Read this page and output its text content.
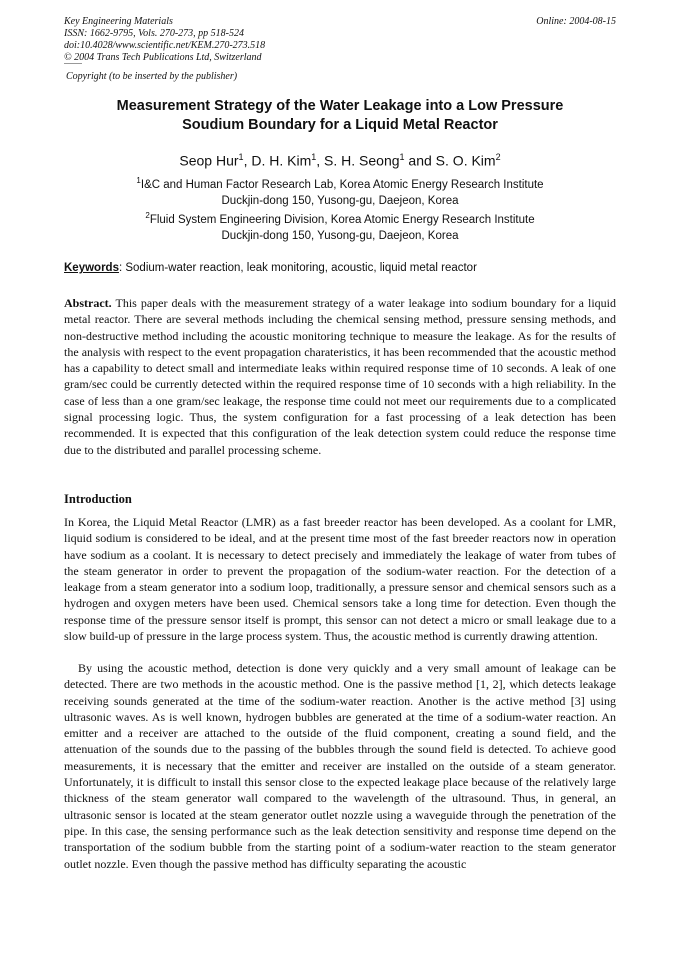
Key Engineering Materials
ISSN: 1662-9795, Vols. 270-273, pp 518-524
doi:10.4028/www.scientific.net/KEM.270-273.518
© 2004 Trans Tech Publications Ltd, Switzerland
Online: 2004-08-15
Copyright (to be inserted by the publisher)
Measurement Strategy of the Water Leakage into a Low Pressure
Soudium Boundary for a Liquid Metal Reactor
Seop Hur$^1$, D. H. Kim$^1$, S. H. Seong$^1$ and S. O. Kim$^2$
$^1$I&C and Human Factor Research Lab, Korea Atomic Energy Research Institute
Duckjin-dong 150, Yusong-gu, Daejeon, Korea
$^2$Fluid System Engineering Division, Korea Atomic Energy Research Institute
Duckjin-dong 150, Yusong-gu, Daejeon, Korea
Keywords: Sodium-water reaction, leak monitoring, acoustic, liquid metal reactor
Abstract. This paper deals with the measurement strategy of a water leakage into sodium boundary for a liquid metal reactor. There are several methods including the chemical sensing method, pressure sensing methods, and non-destructive method including the acoustic monitoring technique to measure the leakage. As for the results of the analysis with respect to the event propagation charateristics, it has been recommended that the acoustic method has a capability to detect small and intermediate leaks within required response time of 10 seconds. A leak of one gram/sec could be currently detected within the required response time of 10 seconds with a high reliability. In the case of less than a one gram/sec leakage, the response time could not meet our requirements due to a complicated signal processing logic. Thus, the system configuration for a fast processing of a leak detection has been recommended. It is expected that this configuration of the leak detection system could reduce the response time due to the distributed and parallel processing scheme.
Introduction
In Korea, the Liquid Metal Reactor (LMR) as a fast breeder reactor has been developed. As a coolant for LMR, liquid sodium is considered to be ideal, and at the present time most of the fast breeder reactors now in operation have sodium as a coolant. It is necessary to detect precisely and immediately the leakage of water from tubes of the steam generator in order to prevent the propagation of the sodium-water reaction. For the detection of a leakage from a steam generator into a sodium loop, traditionally, a pressure sensor and chemical sensors such as a hydrogen and oxygen meters have been used. Chemical sensors take a long time for detection. Even though the response time of the pressure sensor itself is prompt, this sensor can not detect a micro or small leakage due to a slow build-up of pressure in the large process system. Thus, the acoustic method is currently drawing attention.
By using the acoustic method, detection is done very quickly and a very small amount of leakage can be detected. There are two methods in the acoustic method. One is the passive method [1, 2], which detects leakage receiving sounds generated at the time of the sodium-water reaction. Another is the active method [3] using ultrasonic waves. As is well known, hydrogen bubbles are generated at the time of a sodium-water reaction. An emitter and a receiver are attached to the outside of the fluid component, creating a sound field, and the attenuation of the sounds due to the passing of the bubbles through the sound field is detected. To achieve good measurements, it is necessary that the emitter and receiver are installed on the outside of a steam generator. Unfortunately, it is difficult to install this sensor close to the expected leakage place because of the relatively large thickness of the steam generator wall compared to the wavelength of the ultrasound. Thus, in general, an ultrasonic sensor is located at the steam generator outlet nozzle using a waveguide through the penetration of the pipe. In this case, the sensing performance such as the leak detection sensitivity and response time depend on the transportation of the sodium bubble from the starting point of a sodium-water reaction to the steam generator outlet nozzle. Even though the passive method has difficulty separating the acoustic
